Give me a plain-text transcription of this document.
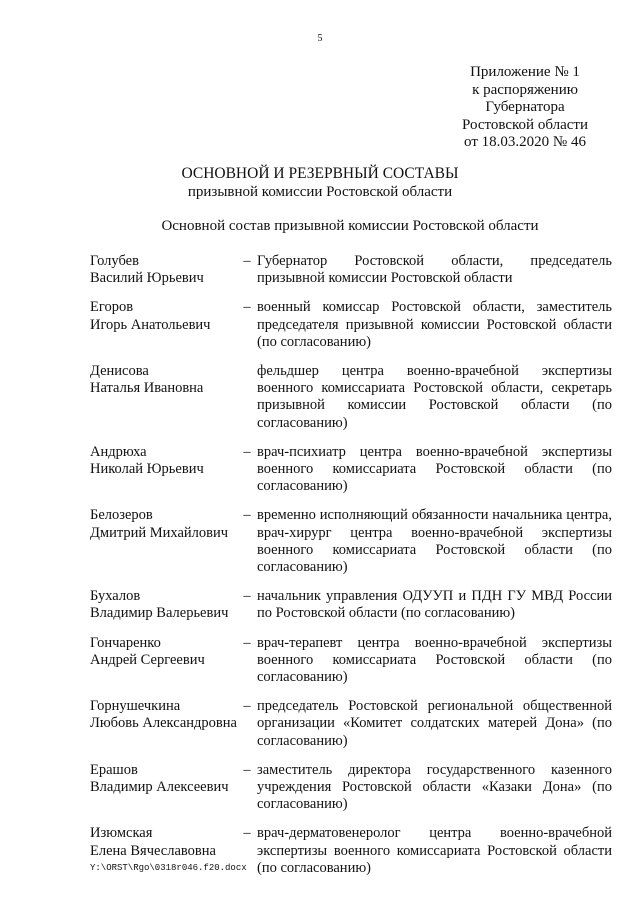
5
Приложение № 1
к распоряжению
Губернатора
Ростовской области
от 18.03.2020 № 46
ОСНОВНОЙ И РЕЗЕРВНЫЙ СОСТАВЫ
призывной комиссии Ростовской области
Основной состав призывной комиссии Ростовской области
Голубев
Василий Юрьевич
– Губернатор Ростовской области, председатель призывной комиссии Ростовской области
Егоров
Игорь Анатольевич
– военный комиссар Ростовской области, заместитель председателя призывной комиссии Ростовской области (по согласованию)
Денисова
Наталья Ивановна
фельдшер центра военно-врачебной экспертизы военного комиссариата Ростовской области, секретарь призывной комиссии Ростовской области (по согласованию)
Андрюха
Николай Юрьевич
– врач-психиатр центра военно-врачебной экспертизы военного комиссариата Ростовской области (по согласованию)
Белозеров
Дмитрий Михайлович
– временно исполняющий обязанности начальника центра, врач-хирург центра военно-врачебной экспертизы военного комиссариата Ростовской области (по согласованию)
Бухалов
Владимир Валерьевич
– начальник управления ОДУУП и ПДН ГУ МВД России по Ростовской области (по согласованию)
Гончаренко
Андрей Сергеевич
– врач-терапевт центра военно-врачебной экспертизы военного комиссариата Ростовской области (по согласованию)
Горнушечкина
Любовь Александровна
– председатель Ростовской региональной общественной организации «Комитет солдатских матерей Дона» (по согласованию)
Ерашов
Владимир Алексеевич
– заместитель директора государственного казенного учреждения Ростовской области «Казаки Дона» (по согласованию)
Изюмская
Елена Вячеславовна
– врач-дерматовенеролог центра военно-врачебной экспертизы военного комиссариата Ростовской области (по согласованию)
Y:\ORST\Rgo\0318r046.f20.docx
